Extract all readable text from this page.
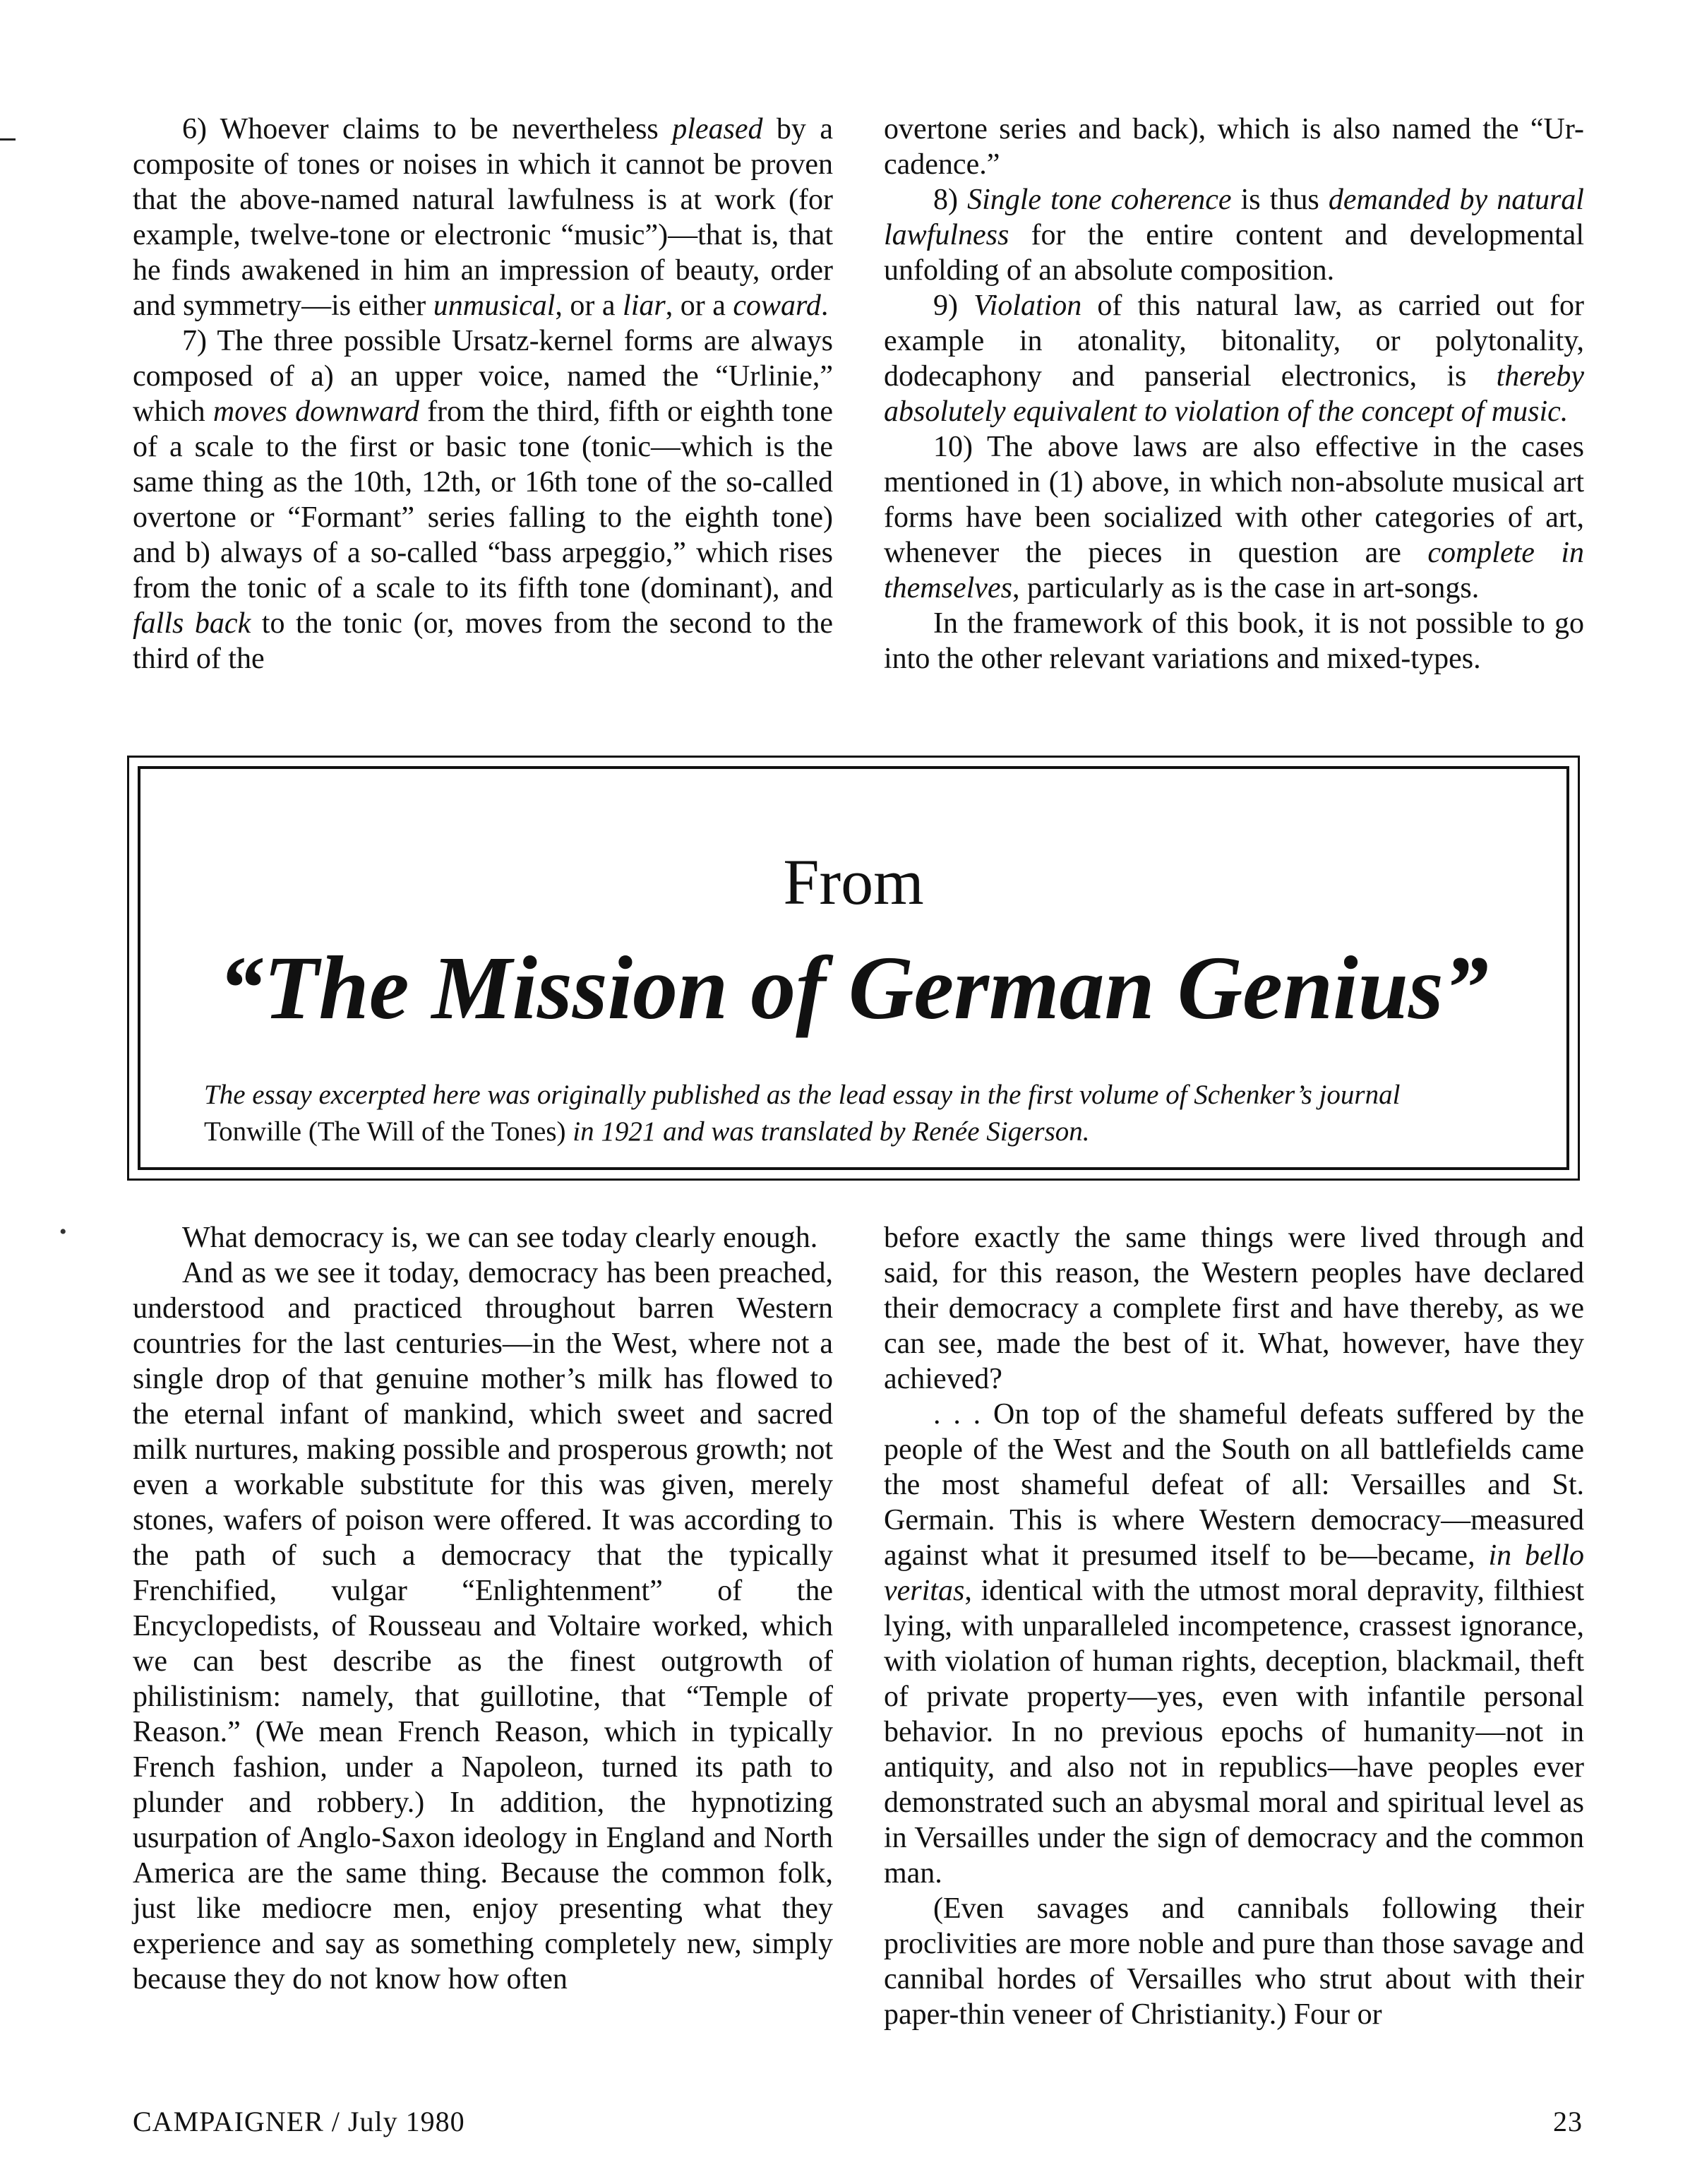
6) Whoever claims to be nevertheless pleased by a composite of tones or noises in which it cannot be proven that the above-named natural lawfulness is at work (for example, twelve-tone or electronic “music”)—that is, that he finds awakened in him an impression of beauty, order and symmetry—is either unmusical, or a liar, or a coward.

7) The three possible Ursatz-kernel forms are always composed of a) an upper voice, named the “Urlinie,” which moves downward from the third, fifth or eighth tone of a scale to the first or basic tone (tonic—which is the same thing as the 10th, 12th, or 16th tone of the so-called overtone or “Formant” series falling to the eighth tone) and b) always of a so-called “bass arpeggio,” which rises from the tonic of a scale to its fifth tone (dominant), and falls back to the tonic (or, moves from the second to the third of the

overtone series and back), which is also named the “Ur-cadence.”

8) Single tone coherence is thus demanded by natural lawfulness for the entire content and developmental unfolding of an absolute composition.

9) Violation of this natural law, as carried out for example in atonality, bitonality, or polytonality, dodecaphony and panserial electronics, is thereby absolutely equivalent to violation of the concept of music.

10) The above laws are also effective in the cases mentioned in (1) above, in which non-absolute musical art forms have been socialized with other categories of art, whenever the pieces in question are complete in themselves, particularly as is the case in art-songs.

In the framework of this book, it is not possible to go into the other relevant variations and mixed-types.

From
“The Mission of German Genius”
The essay excerpted here was originally published as the lead essay in the first volume of Schenker’s journal Tonwille (The Will of the Tones) in 1921 and was translated by Renée Sigerson.

What democracy is, we can see today clearly enough.

And as we see it today, democracy has been preached, understood and practiced throughout barren Western countries for the last centuries—in the West, where not a single drop of that genuine mother’s milk has flowed to the eternal infant of mankind, which sweet and sacred milk nurtures, making possible and prosperous growth; not even a workable substitute for this was given, merely stones, wafers of poison were offered. It was according to the path of such a democracy that the typically Frenchified, vulgar “Enlightenment” of the Encyclopedists, of Rousseau and Voltaire worked, which we can best describe as the finest outgrowth of philistinism: namely, that guillotine, that “Temple of Reason.” (We mean French Reason, which in typically French fashion, under a Napoleon, turned its path to plunder and robbery.) In addition, the hypnotizing usurpation of Anglo-Saxon ideology in England and North America are the same thing. Because the common folk, just like mediocre men, enjoy presenting what they experience and say as something completely new, simply because they do not know how often

before exactly the same things were lived through and said, for this reason, the Western peoples have declared their democracy a complete first and have thereby, as we can see, made the best of it. What, however, have they achieved?

. . . On top of the shameful defeats suffered by the people of the West and the South on all battlefields came the most shameful defeat of all: Versailles and St. Germain. This is where Western democracy—measured against what it presumed itself to be—became, in bello veritas, identical with the utmost moral depravity, filthiest lying, with unparalleled incompetence, crassest ignorance, with violation of human rights, deception, blackmail, theft of private property—yes, even with infantile personal behavior. In no previous epochs of humanity—not in antiquity, and also not in republics—have peoples ever demonstrated such an abysmal moral and spiritual level as in Versailles under the sign of democracy and the common man.

(Even savages and cannibals following their proclivities are more noble and pure than those savage and cannibal hordes of Versailles who strut about with their paper-thin veneer of Christianity.) Four or

CAMPAIGNER / July 1980	23
•
